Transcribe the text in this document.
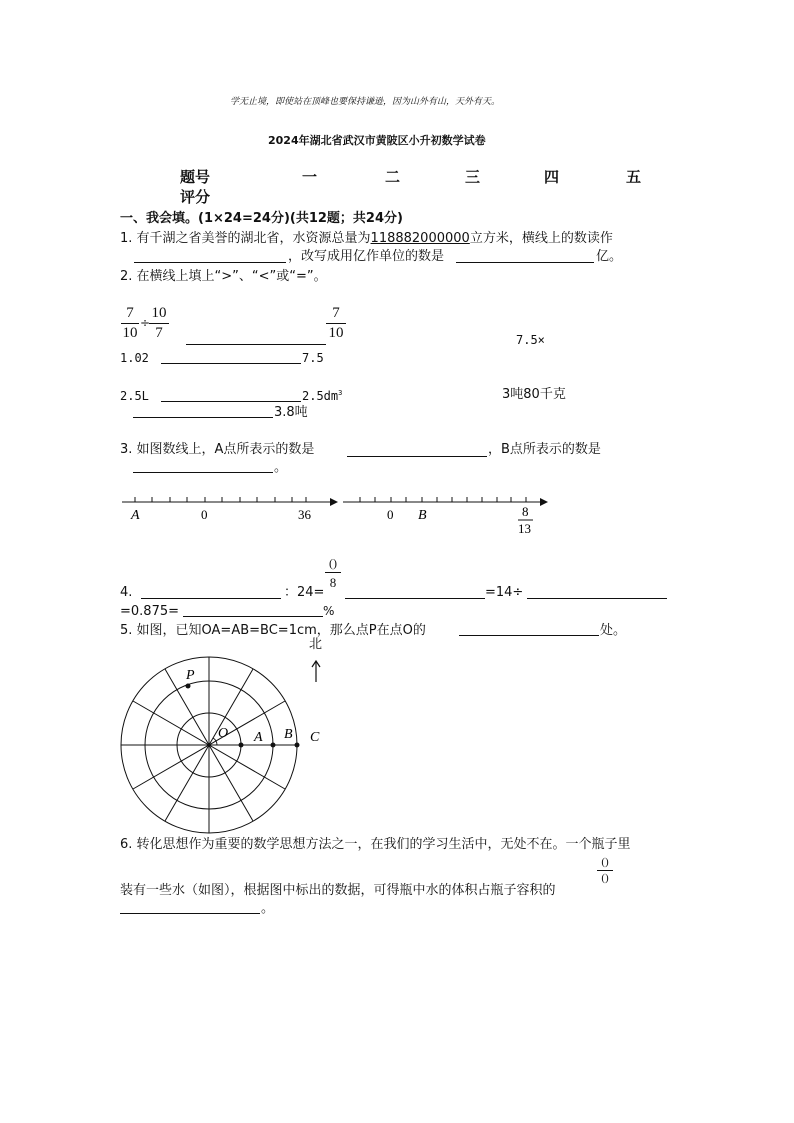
学无止境，即使站在顶峰也要保持谦逊，因为山外有山，天外有天。
2024年湖北省武汉市黄陂区小升初数学试卷
题号	一	二	三	四	五
评分
一、我会填。(1×24=24分)(共12题；共24分)
1. 有千湖之省美誉的湖北省，水资源总量为118882000000立方米，横线上的数读作
，改写成用亿作单位的数是	亿。
2. 在横线上填上“>”、“<”或“=”。
7
10
÷
10
7
7
10	7.5×
1.02	7.5
2.5L	$2.5dm^3$	3吨80千克
3.8吨
3. 如图数线上，A点所表示的数是	，B点所表示的数是
。
A	0	36	0 B	8
13
4.	：24=
()
8
=14÷
=0.875=	%
5. 如图，已知OA=AB=BC=1cm，那么点P在点O的	处。
北
P
O A B C
6. 转化思想作为重要的数学思想方法之一，在我们的学习生活中，无处不在。一个瓶子里
装有一些水（如图），根据图中标出的数据，可得瓶中水的体积占瓶子容积的
()
()
。
